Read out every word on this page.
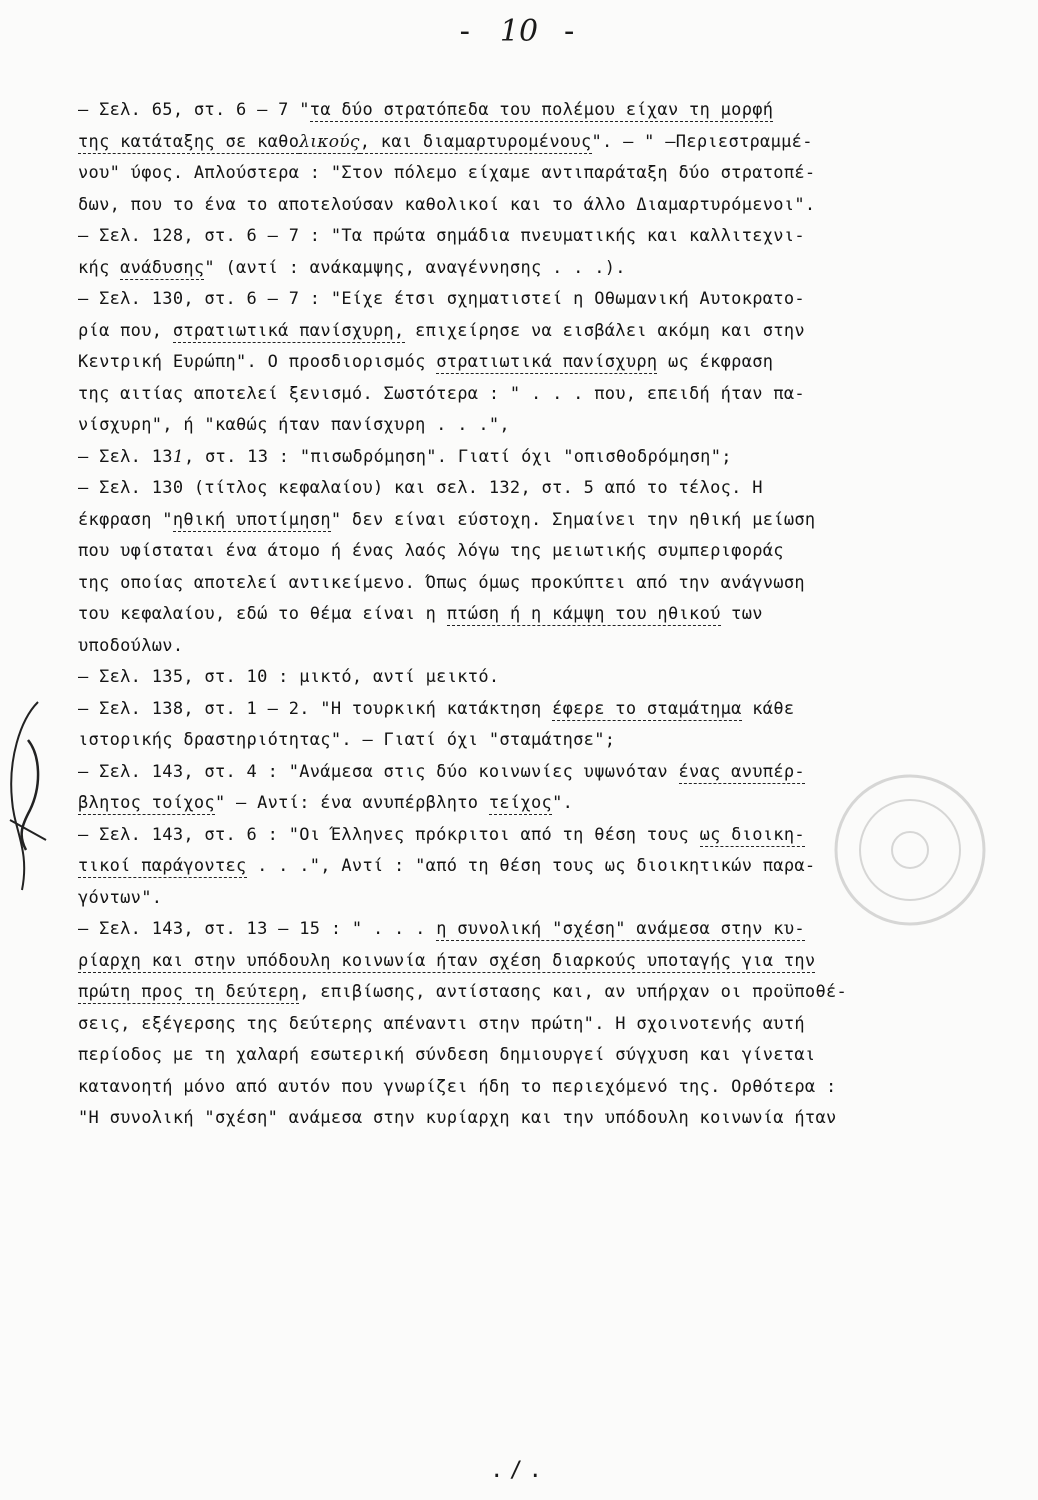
- 10 -
– Σελ. 65, στ. 6 – 7 "τα δύο στρατόπεδα του πολέμου είχαν τη μορφή
της κατάταξης σε καθολικούς, και διαμαρτυρομένους". – " –Περιεστραμμέ-
νου" ύφος. Απλούστερα : "Στον πόλεμο είχαμε αντιπαράταξη δύο στρατοπέ-
δων, που το ένα το αποτελούσαν καθολικοί και το άλλο Διαμαρτυρόμενοι".
– Σελ. 128, στ. 6 – 7 : "Τα πρώτα σημάδια πνευματικής και καλλιτεχνι-
κής ανάδυσης" (αντί : ανάκαμψης, αναγέννησης . . .).
– Σελ. 130, στ. 6 – 7 : "Είχε έτσι σχηματιστεί η Οθωμανική Αυτοκρατο-
ρία που, στρατιωτικά πανίσχυρη, επιχείρησε να εισβάλει ακόμη και στην
Κεντρική Ευρώπη". Ο προσδιορισμός στρατιωτικά πανίσχυρη ως έκφραση
της αιτίας αποτελεί ξενισμό. Σωστότερα : " . . . που, επειδή ήταν πα-
νίσχυρη", ή "καθώς ήταν πανίσχυρη . . .",
– Σελ. 131, στ. 13 : "πισωδρόμηση". Γιατί όχι "οπισθοδρόμηση";
– Σελ. 130 (τίτλος κεφαλαίου) και σελ. 132, στ. 5 από το τέλος. Η
έκφραση "ηθική υποτίμηση" δεν είναι εύστοχη. Σημαίνει την ηθική μείωση
που υφίσταται ένα άτομο ή ένας λαός λόγω της μειωτικής συμπεριφοράς
της οποίας αποτελεί αντικείμενο. Όπως όμως προκύπτει από την ανάγνωση
του κεφαλαίου, εδώ το θέμα είναι η πτώση ή η κάμψη του ηθικού των
υποδούλων.
– Σελ. 135, στ. 10 : μικτό, αντί μεικτό.
– Σελ. 138, στ. 1 – 2. "Η τουρκική κατάκτηση έφερε το σταμάτημα κάθε
ιστορικής δραστηριότητας". – Γιατί όχι "σταμάτησε";
– Σελ. 143, στ. 4 : "Ανάμεσα στις δύο κοινωνίες υψωνόταν ένας ανυπέρ-
βλητος τοίχος" – Αντί: ένα ανυπέρβλητο τείχος".
– Σελ. 143, στ. 6 : "Οι Έλληνες πρόκριτοι από τη θέση τους ως διοικη-
τικοί παράγοντες . . .", Αντί : "από τη θέση τους ως διοικητικών παρα-
γόντων".
– Σελ. 143, στ. 13 – 15 : " . . . η συνολική "σχέση" ανάμεσα στην κυ-
ρίαρχη και στην υπόδουλη κοινωνία ήταν σχέση διαρκούς υποταγής για την
πρώτη προς τη δεύτερη, επιβίωσης, αντίστασης και, αν υπήρχαν οι προϋποθέ-
σεις, εξέγερσης της δεύτερης απέναντι στην πρώτη". Η σχοινοτενής αυτή
περίοδος με τη χαλαρή εσωτερική σύνδεση δημιουργεί σύγχυση και γίνεται
κατανοητή μόνο από αυτόν που γνωρίζει ήδη το περιεχόμενό της. Ορθότερα :
"Η συνολική "σχέση" ανάμεσα στην κυρίαρχη και την υπόδουλη κοινωνία ήταν
./.
